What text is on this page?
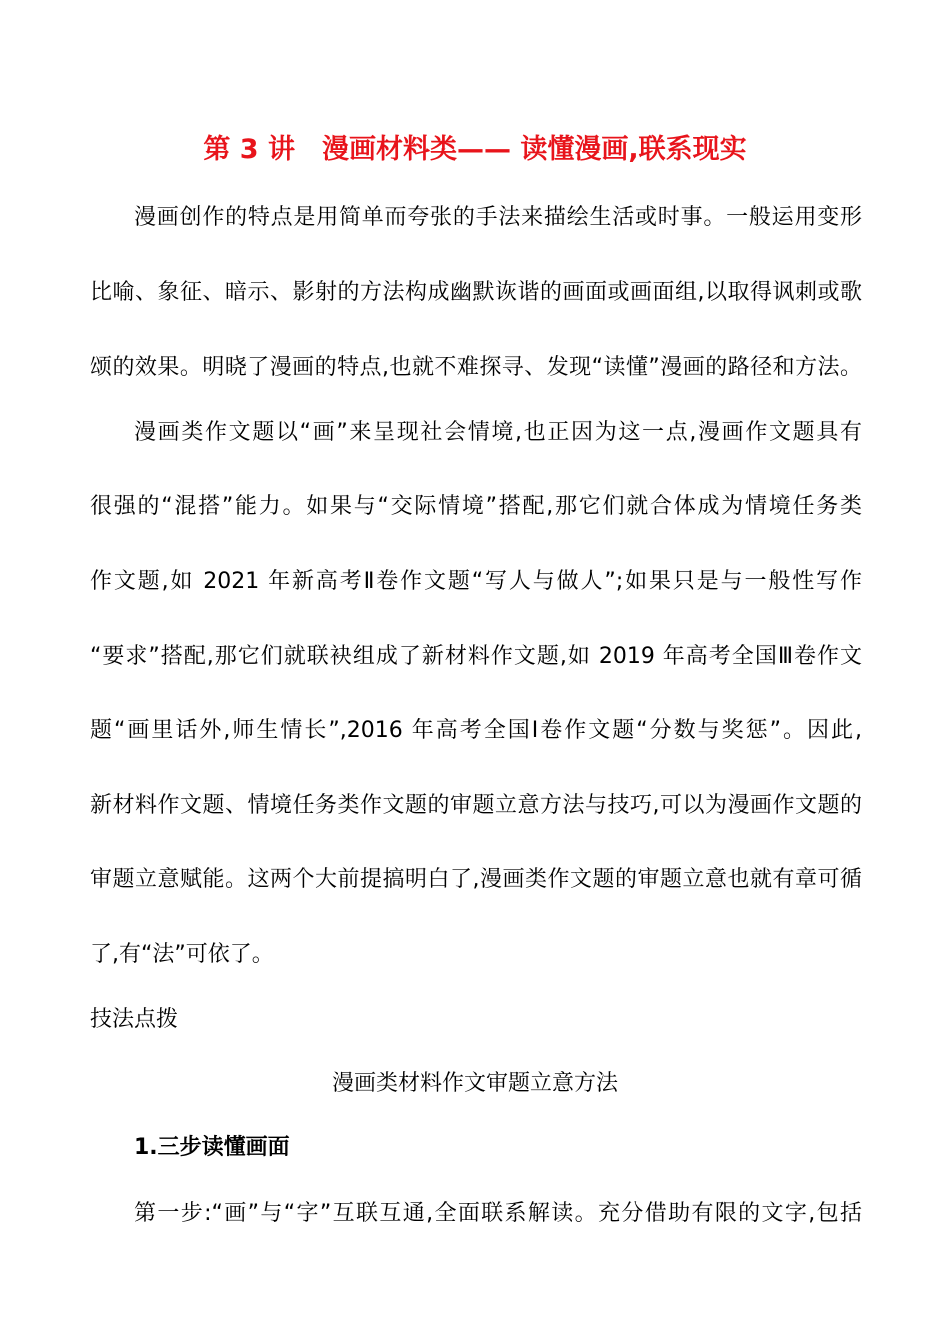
第 3 讲　漫画材料类—— 读懂漫画,联系现实
漫画创作的特点是用简单而夸张的手法来描绘生活或时事。一般运用变形
比喻、象征、暗示、影射的方法构成幽默诙谐的画面或画面组,以取得讽刺或歌
颂的效果。明晓了漫画的特点,也就不难探寻、发现“读懂”漫画的路径和方法。
漫画类作文题以“画”来呈现社会情境,也正因为这一点,漫画作文题具有
很强的“混搭”能力。如果与“交际情境”搭配,那它们就合体成为情境任务类
作文题,如 2021 年新高考Ⅱ卷作文题“写人与做人”;如果只是与一般性写作
“要求”搭配,那它们就联袂组成了新材料作文题,如 2019 年高考全国Ⅲ卷作文
题“画里话外,师生情长”,2016 年高考全国Ⅰ卷作文题“分数与奖惩”。因此,
新材料作文题、情境任务类作文题的审题立意方法与技巧,可以为漫画作文题的
审题立意赋能。这两个大前提搞明白了,漫画类作文题的审题立意也就有章可循
了,有“法”可依了。
技法点拨
漫画类材料作文审题立意方法
1.三步读懂画面
第一步:“画”与“字”互联互通,全面联系解读。充分借助有限的文字,包括
